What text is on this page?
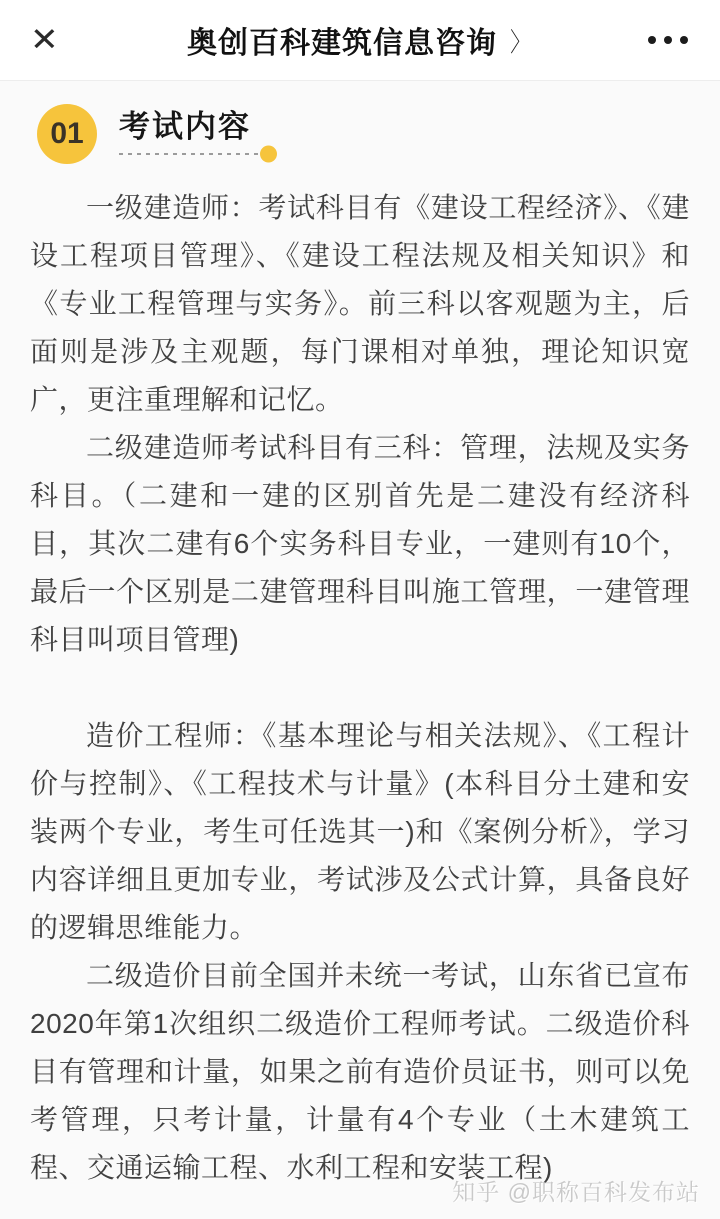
✕	奥创百科建筑信息咨询 〉
01	考试内容

一级建造师：考试科目有《建设工程经济》、《建设工程项目管理》、《建设工程法规及相关知识》和《专业工程管理与实务》。前三科以客观题为主，后面则是涉及主观题，每门课相对单独，理论知识宽广，更注重理解和记忆。

二级建造师考试科目有三科：管理，法规及实务科目。（二建和一建的区别首先是二建没有经济科目，其次二建有6个实务科目专业，一建则有10个，最后一个区别是二建管理科目叫施工管理，一建管理科目叫项目管理)

造价工程师：《基本理论与相关法规》、《工程计价与控制》、《工程技术与计量》(本科目分土建和安装两个专业，考生可任选其一)和《案例分析》，学习内容详细且更加专业，考试涉及公式计算，具备良好的逻辑思维能力。

二级造价目前全国并未统一考试，山东省已宣布2020年第1次组织二级造价工程师考试。二级造价科目有管理和计量，如果之前有造价员证书，则可以免考管理，只考计量，计量有4个专业（土木建筑工程、交通运输工程、水利工程和安装工程)

知乎 @职称百科发布站
